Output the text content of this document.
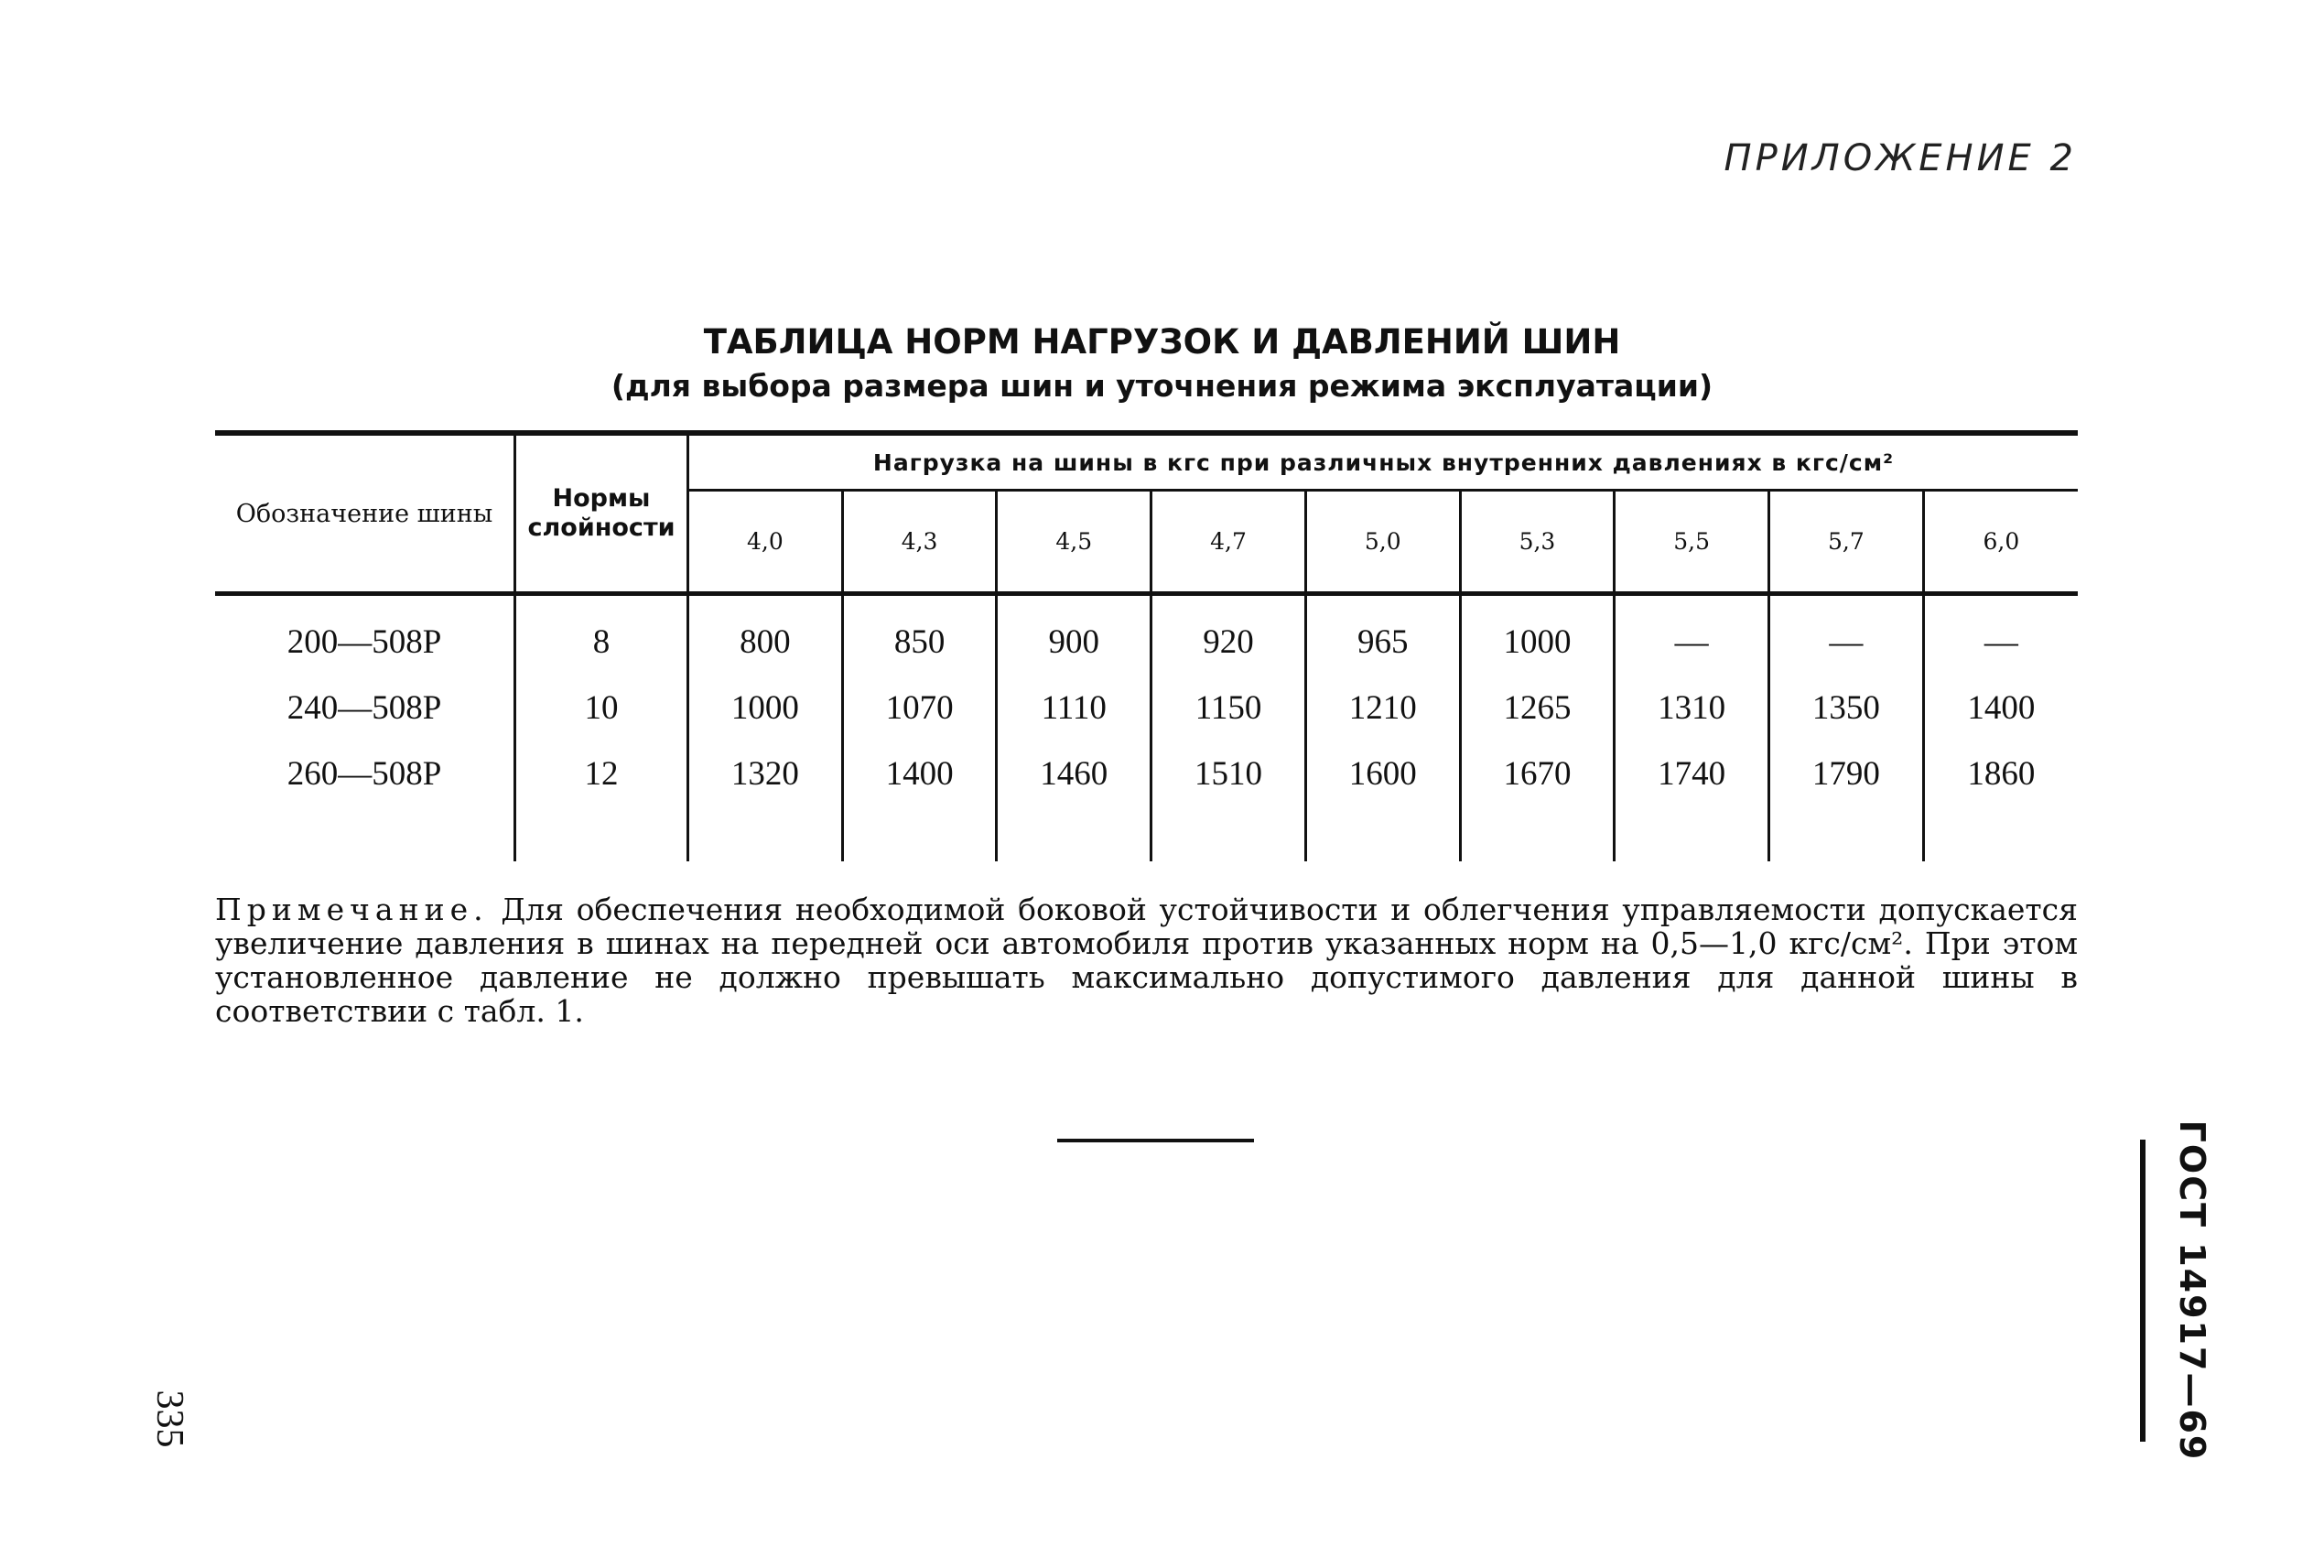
ПРИЛОЖЕНИЕ 2
ТАБЛИЦА НОРМ НАГРУЗОК И ДАВЛЕНИЙ ШИН
(для выбора размера шин и уточнения режима эксплуатации)
Обозначение шины	Нормы слойности	Нагрузка на шины в кгс при различных внутренних давлениях в кгс/см²								
		4,0	4,3	4,5	4,7	5,0	5,3	5,5	5,7	6,0
200—508Р	8	800	850	900	920	965	1000	—	—	—
240—508Р	10	1000	1070	1110	1150	1210	1265	1310	1350	1400
260—508Р	12	1320	1400	1460	1510	1600	1670	1740	1790	1860

Примечание. Для обеспечения необходимой боковой устойчивости и облегчения управляемости допускается увеличение давления в шинах на передней оси автомобиля против указанных норм на 0,5—1,0 кгс/см². При этом установленное давление не должно превышать максимально допустимого давления для данной шины в соответствии с табл. 1.
ГОСТ 14917—69
335
